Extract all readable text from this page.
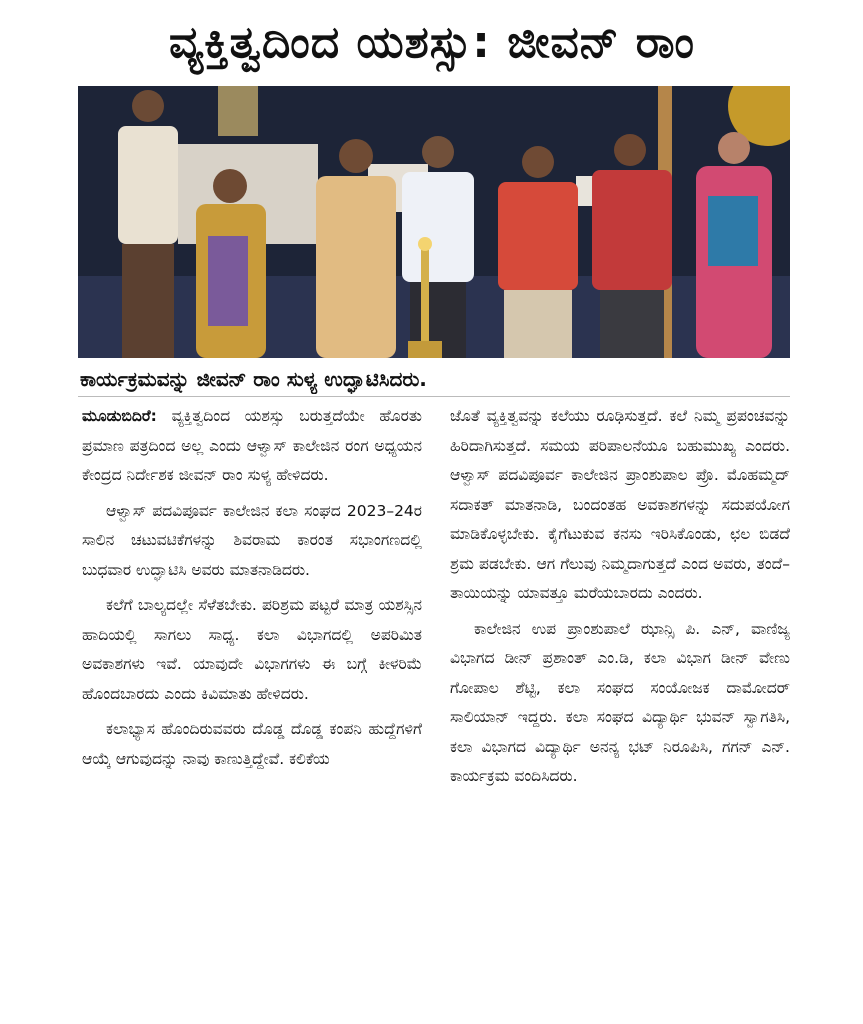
ವ್ಯಕ್ತಿತ್ವದಿಂದ ಯಶಸ್ಸು: ಜೀವನ್ ರಾಂ
ಕಾರ್ಯಕ್ರಮವನ್ನು ಜೀವನ್ ರಾಂ ಸುಳ್ಯ ಉದ್ಘಾಟಿಸಿದರು.

ಮೂಡುಬಿದಿರೆ: ವ್ಯಕ್ತಿತ್ವದಿಂದ ಯಶಸ್ಸು ಬರುತ್ತದೆಯೇ ಹೊರತು ಪ್ರಮಾಣ ಪತ್ರದಿಂದ ಅಲ್ಲ ಎಂದು ಆಳ್ವಾಸ್ ಕಾಲೇಜಿನ ರಂಗ ಅಧ್ಯಯನ ಕೇಂದ್ರದ ನಿರ್ದೇಶಕ ಜೀವನ್ ರಾಂ ಸುಳ್ಯ ಹೇಳಿದರು.

ಆಳ್ವಾಸ್ ಪದವಿಪೂರ್ವ ಕಾಲೇಜಿನ ಕಲಾ ಸಂಘದ 2023–24ರ ಸಾಲಿನ ಚಟುವಟಿಕೆಗಳನ್ನು ಶಿವರಾಮ ಕಾರಂತ ಸಭಾಂಗಣದಲ್ಲಿ ಬುಧವಾರ ಉದ್ಘಾಟಿಸಿ ಅವರು ಮಾತನಾಡಿದರು.

ಕಲೆಗೆ ಬಾಲ್ಯದಲ್ಲೇ ಸೆಳೆತಬೇಕು. ಪರಿಶ್ರಮ ಪಟ್ಟರೆ ಮಾತ್ರ ಯಶಸ್ಸಿನ ಹಾದಿಯಲ್ಲಿ ಸಾಗಲು ಸಾಧ್ಯ. ಕಲಾ ವಿಭಾಗದಲ್ಲಿ ಅಪರಿಮಿತ ಅವಕಾಶಗಳು ಇವೆ. ಯಾವುದೇ ವಿಭಾಗಗಳು ಈ ಬಗ್ಗೆ ಕೀಳರಿಮೆ ಹೊಂದಬಾರದು ಎಂದು ಕಿವಿಮಾತು ಹೇಳಿದರು.

ಕಲಾಭ್ಯಾಸ ಹೊಂದಿರುವವರು ದೊಡ್ಡ ದೊಡ್ಡ ಕಂಪನಿ ಹುದ್ದೆಗಳಿಗೆ ಆಯ್ಕೆ ಆಗುವುದನ್ನು ನಾವು ಕಾಣುತ್ತಿದ್ದೇವೆ. ಕಲಿಕೆಯ

ಜೊತೆ ವ್ಯಕ್ತಿತ್ವವನ್ನು ಕಲೆಯು ರೂಢಿಸುತ್ತದೆ. ಕಲೆ ನಿಮ್ಮ ಪ್ರಪಂಚವನ್ನು ಹಿರಿದಾಗಿಸುತ್ತದೆ. ಸಮಯ ಪರಿಪಾಲನೆಯೂ ಬಹುಮುಖ್ಯ ಎಂದರು. ಆಳ್ವಾಸ್ ಪದವಿಪೂರ್ವ ಕಾಲೇಜಿನ ಪ್ರಾಂಶುಪಾಲ ಪ್ರೊ. ಮೊಹಮ್ಮದ್ ಸದಾಕತ್ ಮಾತನಾಡಿ, ಬಂದಂತಹ ಅವಕಾಶಗಳನ್ನು ಸದುಪಯೋಗ ಮಾಡಿಕೊಳ್ಳಬೇಕು. ಕೈಗೆಟುಕುವ ಕನಸು ಇರಿಸಿಕೊಂಡು, ಛಲ ಬಿಡದೆ ಶ್ರಮ ಪಡಬೇಕು. ಆಗ ಗೆಲುವು ನಿಮ್ಮದಾಗುತ್ತದೆ ಎಂದ ಅವರು, ತಂದೆ–ತಾಯಿಯನ್ನು ಯಾವತ್ತೂ ಮರೆಯಬಾರದು ಎಂದರು.

ಕಾಲೇಜಿನ ಉಪ ಪ್ರಾಂಶುಪಾಲೆ ಝಾನ್ಸಿ ಪಿ. ಎನ್, ವಾಣಿಜ್ಯ ವಿಭಾಗದ ಡೀನ್ ಪ್ರಶಾಂತ್ ಎಂ.ಡಿ, ಕಲಾ ವಿಭಾಗ ಡೀನ್ ವೇಣು ಗೋಪಾಲ ಶೆಟ್ಟಿ, ಕಲಾ ಸಂಘದ ಸಂಯೋಜಕ ದಾಮೋದರ್ ಸಾಲಿಯಾನ್ ಇದ್ದರು. ಕಲಾ ಸಂಘದ ವಿದ್ಯಾರ್ಥಿ ಭುವನ್ ಸ್ವಾಗತಿಸಿ, ಕಲಾ ವಿಭಾಗದ ವಿದ್ಯಾರ್ಥಿ ಅನನ್ಯ ಭಟ್ ನಿರೂಪಿಸಿ, ಗಗನ್ ಎನ್. ಕಾರ್ಯಕ್ರಮ ವಂದಿಸಿದರು.
